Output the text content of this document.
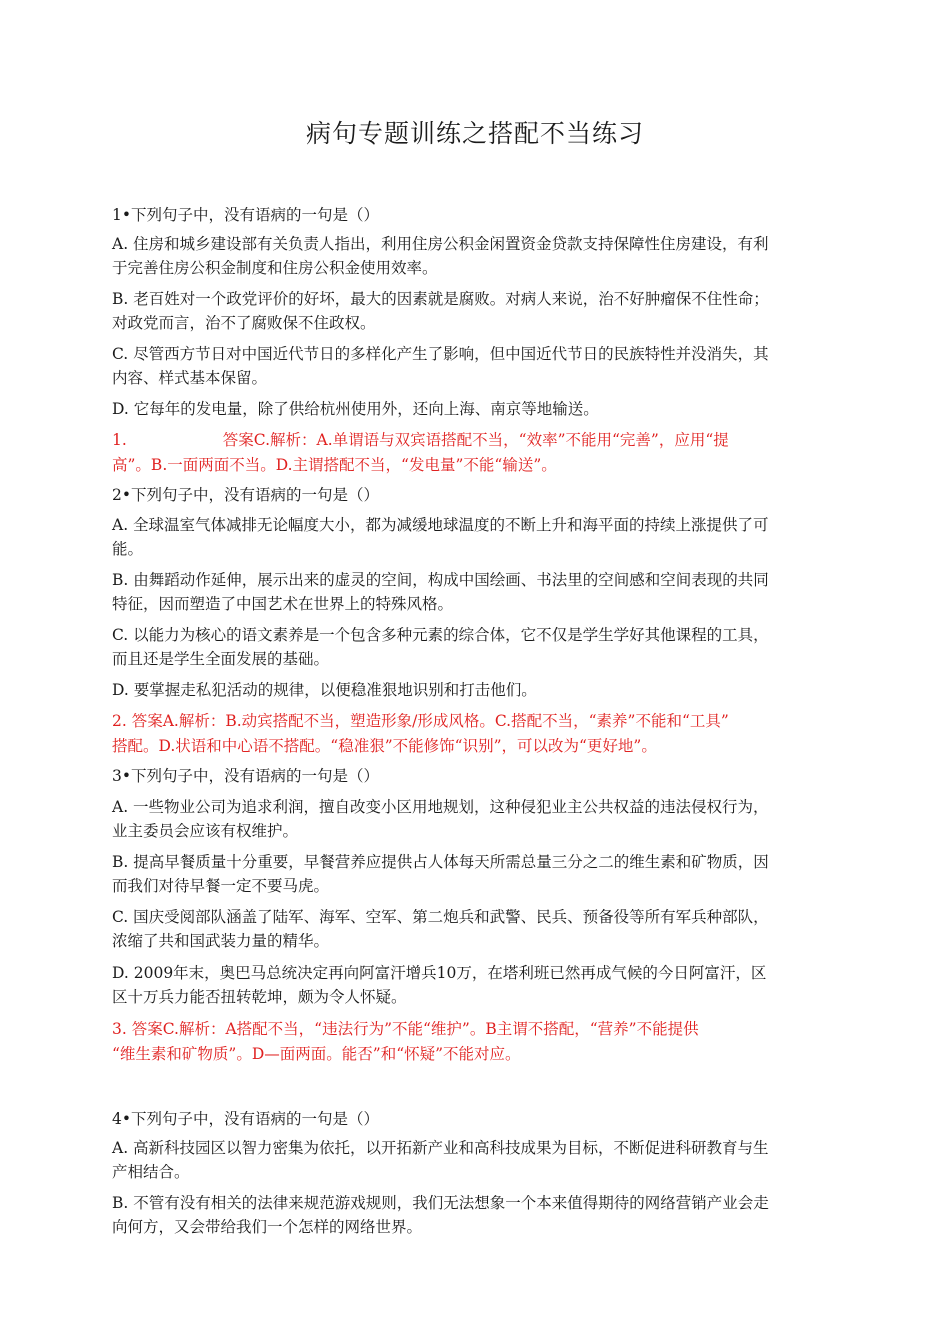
病句专题训练之搭配不当练习
1•下列句子中，没有语病的一句是（）
A. 住房和城乡建设部有关负责人指出，利用住房公积金闲置资金贷款支持保障性住房建设，有利
于完善住房公积金制度和住房公积金使用效率。
B. 老百姓对一个政党评价的好坏，最大的因素就是腐败。对病人来说，治不好肿瘤保不住性命；
对政党而言，治不了腐败保不住政权。
C. 尽管西方节日对中国近代节日的多样化产生了影响，但中国近代节日的民族特性并没消失，其
内容、样式基本保留。
D. 它每年的发电量，除了供给杭州使用外，还向上海、南京等地输送。
1.	答案C.解析：A.单谓语与双宾语搭配不当，“效率”不能用“完善”，应用“提
高”。B.一面两面不当。D.主谓搭配不当，“发电量”不能“输送”。
2•下列句子中，没有语病的一句是（）
A. 全球温室气体减排无论幅度大小，都为减缓地球温度的不断上升和海平面的持续上涨提供了可
能。
B. 由舞蹈动作延伸，展示出来的虚灵的空间，构成中国绘画、书法里的空间感和空间表现的共同
特征，因而塑造了中国艺术在世界上的特殊风格。
C. 以能力为核心的语文素养是一个包含多种元素的综合体，它不仅是学生学好其他课程的工具，
而且还是学生全面发展的基础。
D. 要掌握走私犯活动的规律，以便稳准狠地识别和打击他们。
2. 答案A.解析：B.动宾搭配不当，塑造形象/形成风格。C.搭配不当，“素养”不能和“工具”
搭配。D.状语和中心语不搭配。“稳准狠”不能修饰“识别”，可以改为“更好地”。
3•下列句子中，没有语病的一句是（）
A. 一些物业公司为追求利润，擅自改变小区用地规划，这种侵犯业主公共权益的违法侵权行为，
业主委员会应该有权维护。
B. 提高早餐质量十分重要，早餐营养应提供占人体每天所需总量三分之二的维生素和矿物质，因
而我们对待早餐一定不要马虎。
C. 国庆受阅部队涵盖了陆军、海军、空军、第二炮兵和武警、民兵、预备役等所有军兵种部队，
浓缩了共和国武装力量的精华。
D. 2009年末，奥巴马总统决定再向阿富汗增兵10万，在塔利班已然再成气候的今日阿富汗，区
区十万兵力能否扭转乾坤，颇为令人怀疑。
3. 答案C.解析：A搭配不当，“违法行为”不能“维护”。B主谓不搭配，“营养”不能提供
“维生素和矿物质”。D—面两面。能否”和“怀疑”不能对应。
4•下列句子中，没有语病的一句是（）
A. 高新科技园区以智力密集为依托，以开拓新产业和高科技成果为目标，不断促进科研教育与生
产相结合。
B. 不管有没有相关的法律来规范游戏规则，我们无法想象一个本来值得期待的网络营销产业会走
向何方，又会带给我们一个怎样的网络世界。
